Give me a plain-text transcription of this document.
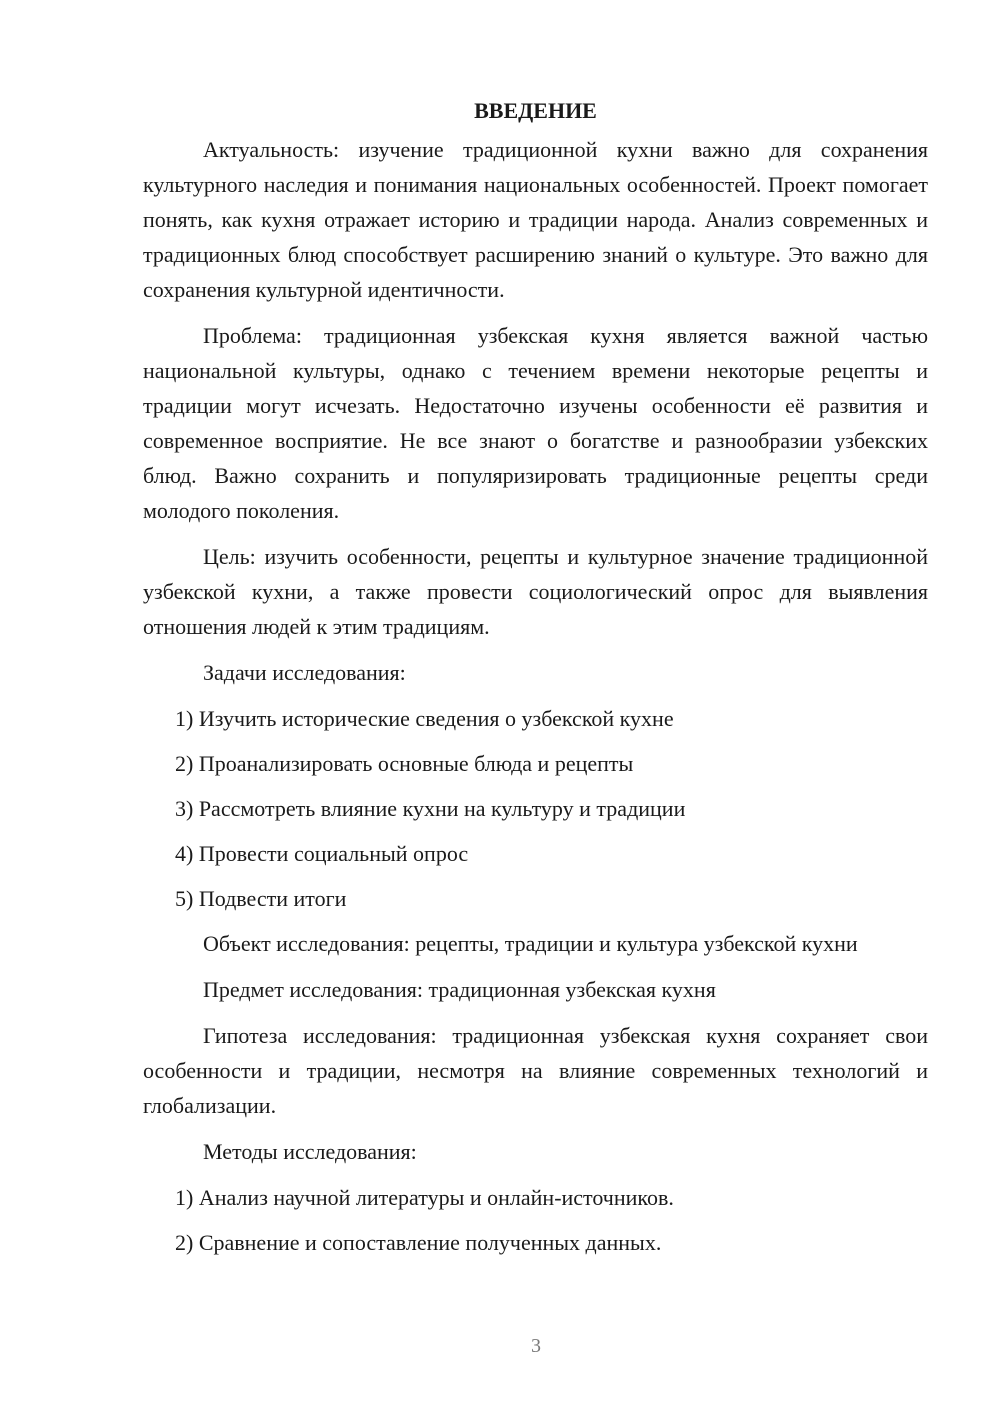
ВВЕДЕНИЕ

Актуальность: изучение традиционной кухни важно для сохранения культурного наследия и понимания национальных особенностей. Проект помогает понять, как кухня отражает историю и традиции народа. Анализ современных и традиционных блюд способствует расширению знаний о культуре. Это важно для сохранения культурной идентичности.

Проблема: традиционная узбекская кухня является важной частью национальной культуры, однако с течением времени некоторые рецепты и традиции могут исчезать. Недостаточно изучены особенности её развития и современное восприятие. Не все знают о богатстве и разнообразии узбекских блюд. Важно сохранить и популяризировать традиционные рецепты среди молодого поколения.

Цель: изучить особенности, рецепты и культурное значение традиционной узбекской кухни, а также провести социологический опрос для выявления отношения людей к этим традициям.

Задачи исследования:

1) Изучить исторические сведения о узбекской кухне

2) Проанализировать основные блюда и рецепты

3) Рассмотреть влияние кухни на культуру и традиции

4) Провести социальный опрос

5) Подвести итоги

Объект исследования: рецепты, традиции и культура узбекской кухни

Предмет исследования: традиционная узбекская кухня

Гипотеза исследования: традиционная узбекская кухня сохраняет свои особенности и традиции, несмотря на влияние современных технологий и глобализации.

Методы исследования:

1) Анализ научной литературы и онлайн-источников.

2) Сравнение и сопоставление полученных данных.

3
